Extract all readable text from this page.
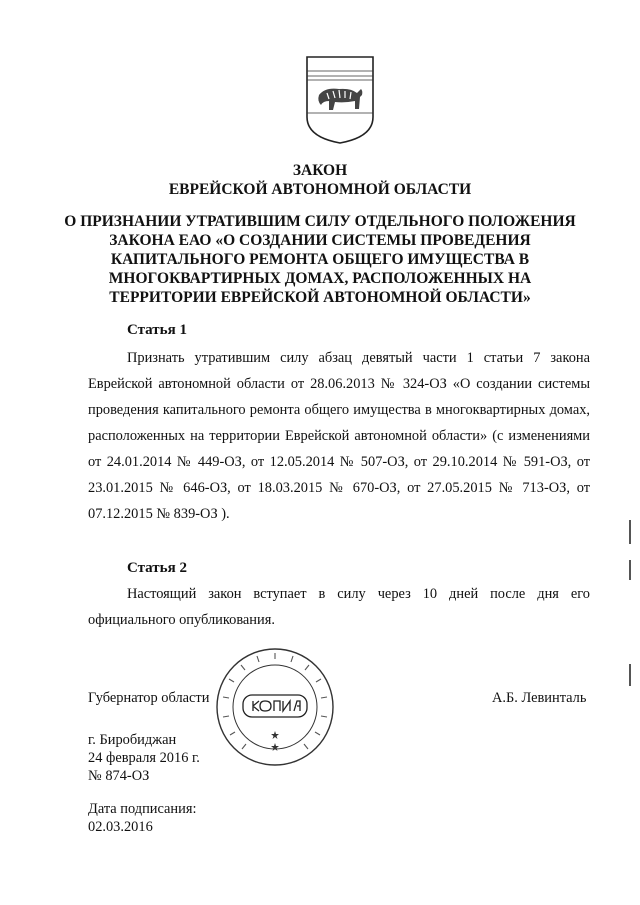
ЗАКОН
ЕВРЕЙСКОЙ АВТОНОМНОЙ ОБЛАСТИ
О ПРИЗНАНИИ УТРАТИВШИМ СИЛУ ОТДЕЛЬНОГО ПОЛОЖЕНИЯ
ЗАКОНА ЕАО «О СОЗДАНИИ СИСТЕМЫ ПРОВЕДЕНИЯ
КАПИТАЛЬНОГО РЕМОНТА ОБЩЕГО ИМУЩЕСТВА В
МНОГОКВАРТИРНЫХ ДОМАХ, РАСПОЛОЖЕННЫХ НА
ТЕРРИТОРИИ ЕВРЕЙСКОЙ АВТОНОМНОЙ ОБЛАСТИ»
Статья 1
Признать утратившим силу абзац девятый части 1 статьи 7 закона Еврейской автономной области от 28.06.2013 № 324-ОЗ «О создании системы проведения капитального ремонта общего имущества в многоквартирных домах, расположенных на территории Еврейской автономной области» (с изменениями от 24.01.2014 № 449-ОЗ, от 12.05.2014 № 507-ОЗ, от 29.10.2014 № 591-ОЗ, от 23.01.2015 № 646-ОЗ, от 18.03.2015 № 670-ОЗ, от 27.05.2015 № 713-ОЗ, от 07.12.2015 № 839-ОЗ ).
Статья 2
Настоящий закон вступает в силу через 10 дней после дня его официального опубликования.
Губернатор области	А.Б. Левинталь
г. Биробиджан
24 февраля 2016 г.
№ 874-ОЗ
Дата подписания:
02.03.2016
